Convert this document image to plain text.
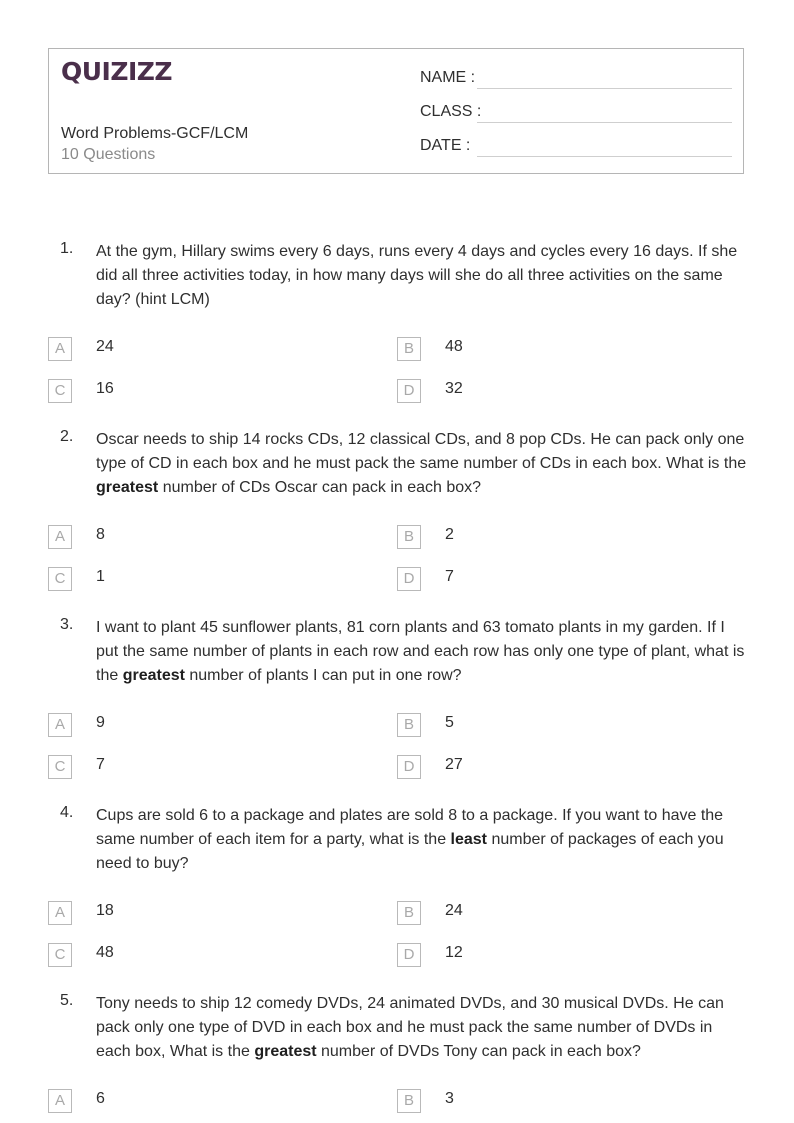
QUIZIZZ
Word Problems-GCF/LCM
10 Questions
NAME :
CLASS :
DATE :
1. At the gym, Hillary swims every 6 days, runs every 4 days and cycles every 16 days. If she did all three activities today, in how many days will she do all three activities on the same day? (hint LCM)
A	24	B	48
C	16	D	32
2. Oscar needs to ship 14 rocks CDs, 12 classical CDs, and 8 pop CDs. He can pack only one type of CD in each box and he must pack the same number of CDs in each box. What is the greatest number of CDs Oscar can pack in each box?
A	8	B	2
C	1	D	7
3. I want to plant 45 sunflower plants, 81 corn plants and 63 tomato plants in my garden. If I put the same number of plants in each row and each row has only one type of plant, what is the greatest number of plants I can put in one row?
A	9	B	5
C	7	D	27
4. Cups are sold 6 to a package and plates are sold 8 to a package. If you want to have the same number of each item for a party, what is the least number of packages of each you need to buy?
A	18	B	24
C	48	D	12
5. Tony needs to ship 12 comedy DVDs, 24 animated DVDs, and 30 musical DVDs. He can pack only one type of DVD in each box and he must pack the same number of DVDs in each box, What is the greatest number of DVDs Tony can pack in each box?
A	6	B	3
